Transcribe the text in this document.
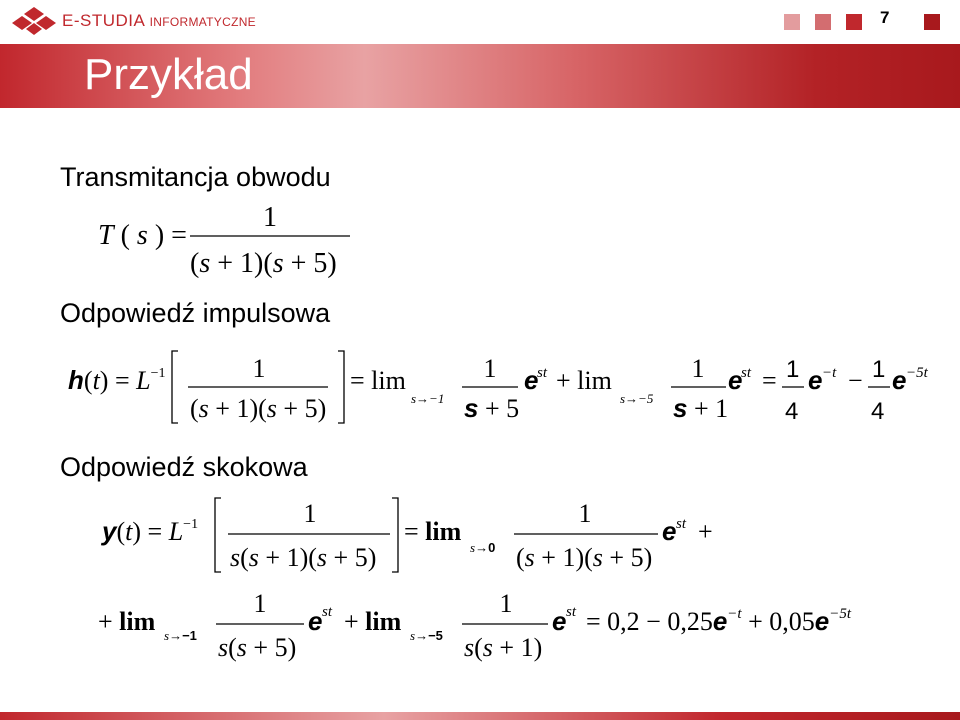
E-STUDIA INFORMATYCZNE	7
Przykład
Transmitancja obwodu
Odpowiedź impulsowa
Odpowiedź skokowa
T ( s ) =
1
(s + 1)(s + 5)
$h(t) = L^{-1}$	1
(s + 1)(s + 5)
= lim
s→−1
1
s + 5
e
st + lim
s→−5
1
s + 1
e
st = 1
4
e −t − 1
4
e −5t
$y(t) = L^{-1}$	1
s(s + 1)(s + 5)
= lim
s→0
1
(s + 1)(s + 5)
e st +
+ lim s→−1
1
s(s + 5)
e st + lim s→−5
1
s(s + 1)
e st = $0,2 - 0,25e^{-t} + 0,05e^{-5t}$
